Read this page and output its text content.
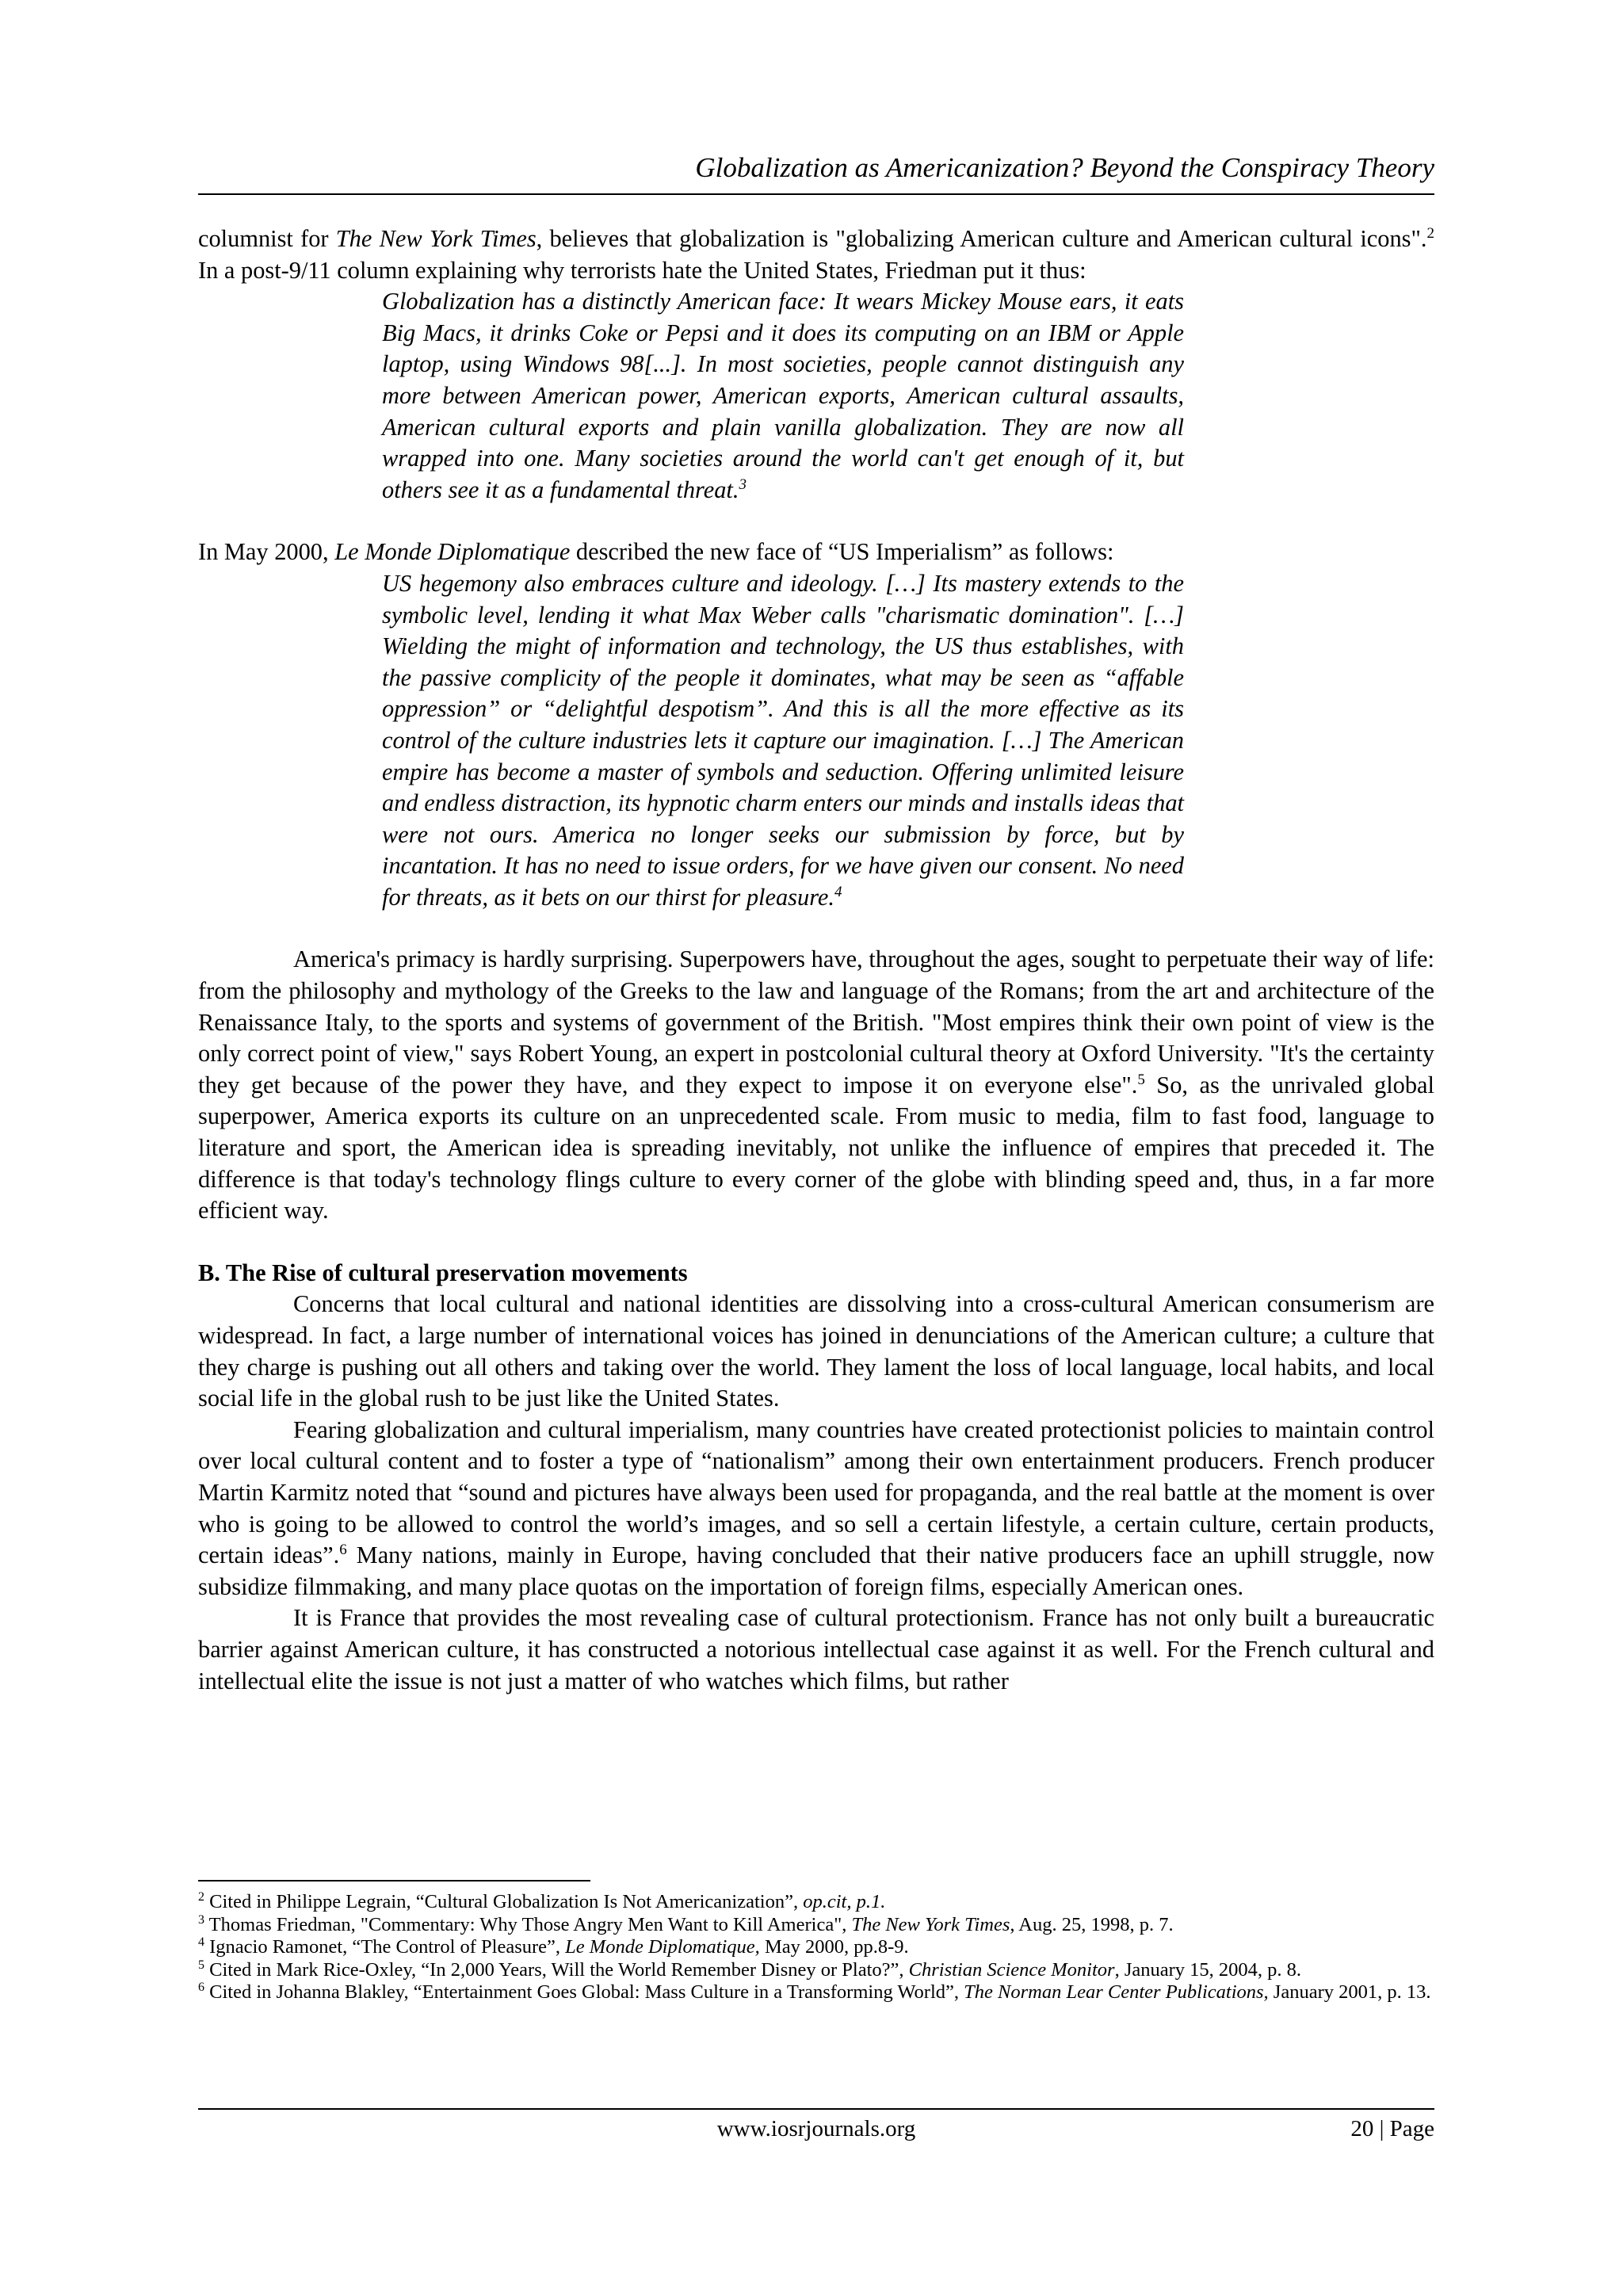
Globalization as Americanization? Beyond the Conspiracy Theory

columnist for The New York Times, believes that globalization is "globalizing American culture and American cultural icons".$^2$ In a post-9/11 column explaining why terrorists hate the United States, Friedman put it thus:

Globalization has a distinctly American face: It wears Mickey Mouse ears, it eats Big Macs, it drinks Coke or Pepsi and it does its computing on an IBM or Apple laptop, using Windows 98[...]. In most societies, people cannot distinguish any more between American power, American exports, American cultural assaults, American cultural exports and plain vanilla globalization. They are now all wrapped into one. Many societies around the world can't get enough of it, but others see it as a fundamental threat.$^3$

In May 2000, Le Monde Diplomatique described the new face of “US Imperialism” as follows:

US hegemony also embraces culture and ideology. […] Its mastery extends to the symbolic level, lending it what Max Weber calls "charismatic domination". […] Wielding the might of information and technology, the US thus establishes, with the passive complicity of the people it dominates, what may be seen as “affable oppression” or “delightful despotism”. And this is all the more effective as its control of the culture industries lets it capture our imagination. […] The American empire has become a master of symbols and seduction. Offering unlimited leisure and endless distraction, its hypnotic charm enters our minds and installs ideas that were not ours. America no longer seeks our submission by force, but by incantation. It has no need to issue orders, for we have given our consent. No need for threats, as it bets on our thirst for pleasure.$^4$

America's primacy is hardly surprising. Superpowers have, throughout the ages, sought to perpetuate their way of life: from the philosophy and mythology of the Greeks to the law and language of the Romans; from the art and architecture of the Renaissance Italy, to the sports and systems of government of the British. "Most empires think their own point of view is the only correct point of view," says Robert Young, an expert in postcolonial cultural theory at Oxford University. "It's the certainty they get because of the power they have, and they expect to impose it on everyone else".$^5$ So, as the unrivaled global superpower, America exports its culture on an unprecedented scale. From music to media, film to fast food, language to literature and sport, the American idea is spreading inevitably, not unlike the influence of empires that preceded it. The difference is that today's technology flings culture to every corner of the globe with blinding speed and, thus, in a far more efficient way.

B. The Rise of cultural preservation movements

Concerns that local cultural and national identities are dissolving into a cross-cultural American consumerism are widespread. In fact, a large number of international voices has joined in denunciations of the American culture; a culture that they charge is pushing out all others and taking over the world. They lament the loss of local language, local habits, and local social life in the global rush to be just like the United States.

Fearing globalization and cultural imperialism, many countries have created protectionist policies to maintain control over local cultural content and to foster a type of “nationalism” among their own entertainment producers. French producer Martin Karmitz noted that “sound and pictures have always been used for propaganda, and the real battle at the moment is over who is going to be allowed to control the world’s images, and so sell a certain lifestyle, a certain culture, certain products, certain ideas”.$^6$ Many nations, mainly in Europe, having concluded that their native producers face an uphill struggle, now subsidize filmmaking, and many place quotas on the importation of foreign films, especially American ones.

It is France that provides the most revealing case of cultural protectionism. France has not only built a bureaucratic barrier against American culture, it has constructed a notorious intellectual case against it as well. For the French cultural and intellectual elite the issue is not just a matter of who watches which films, but rather

$^2$ Cited in Philippe Legrain, “Cultural Globalization Is Not Americanization”, op.cit, p.1.

$^3$ Thomas Friedman, "Commentary: Why Those Angry Men Want to Kill America", The New York Times, Aug. 25, 1998, p. 7.

$^4$ Ignacio Ramonet, “The Control of Pleasure”, Le Monde Diplomatique, May 2000, pp.8-9.

$^5$ Cited in Mark Rice-Oxley, “In 2,000 Years, Will the World Remember Disney or Plato?”, Christian Science Monitor, January 15, 2004, p. 8.

$^6$ Cited in Johanna Blakley, “Entertainment Goes Global: Mass Culture in a Transforming World”, The Norman Lear Center Publications, January 2001, p. 13.

www.iosrjournals.org	20 | Page
